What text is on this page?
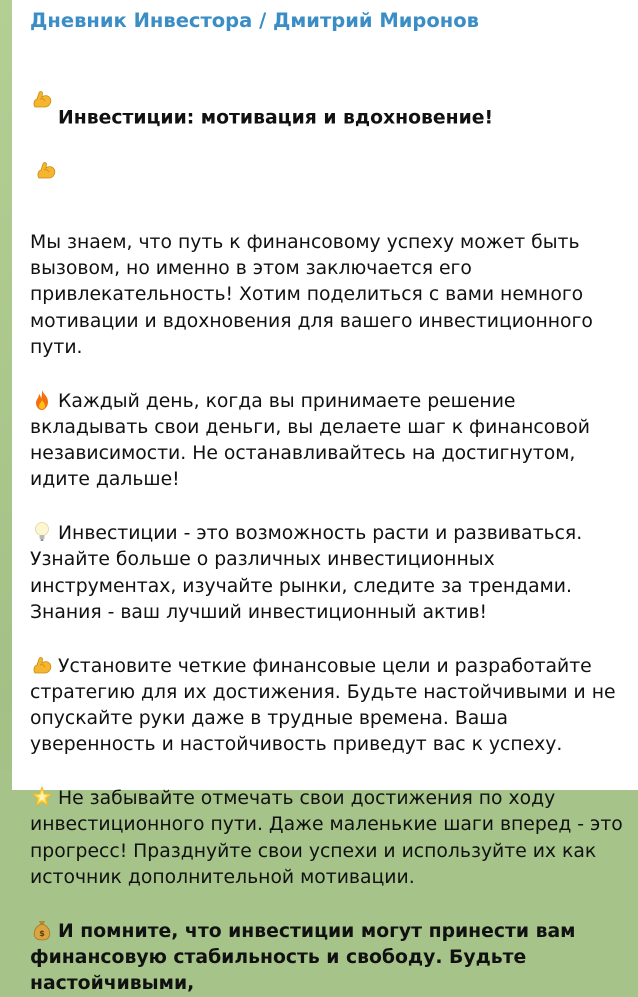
Дневник Инвестора / Дмитрий Миронов

Инвестиции: мотивация и вдохновение!

Мы знаем, что путь к финансовому успеху может быть вызовом, но именно в этом заключается его привлекательность! Хотим поделиться с вами немного мотивации и вдохновения для вашего инвестиционного пути.

Каждый день, когда вы принимаете решение вкладывать свои деньги, вы делаете шаг к финансовой независимости. Не останавливайтесь на достигнутом, идите дальше!

Инвестиции - это возможность расти и развиваться. Узнайте больше о различных инвестиционных инструментах, изучайте рынки, следите за трендами. Знания - ваш лучший инвестиционный актив!

Установите четкие финансовые цели и разработайте стратегию для их достижения. Будьте настойчивыми и не опускайте руки даже в трудные времена. Ваша уверенность и настойчивость приведут вас к успеху.

Не забывайте отмечать свои достижения по ходу инвестиционного пути. Даже маленькие шаги вперед - это прогресс! Празднуйте свои успехи и используйте их как источник дополнительной мотивации.

$ И помните, что инвестиции могут принести вам финансовую стабильность и свободу. Будьте настойчивыми,
